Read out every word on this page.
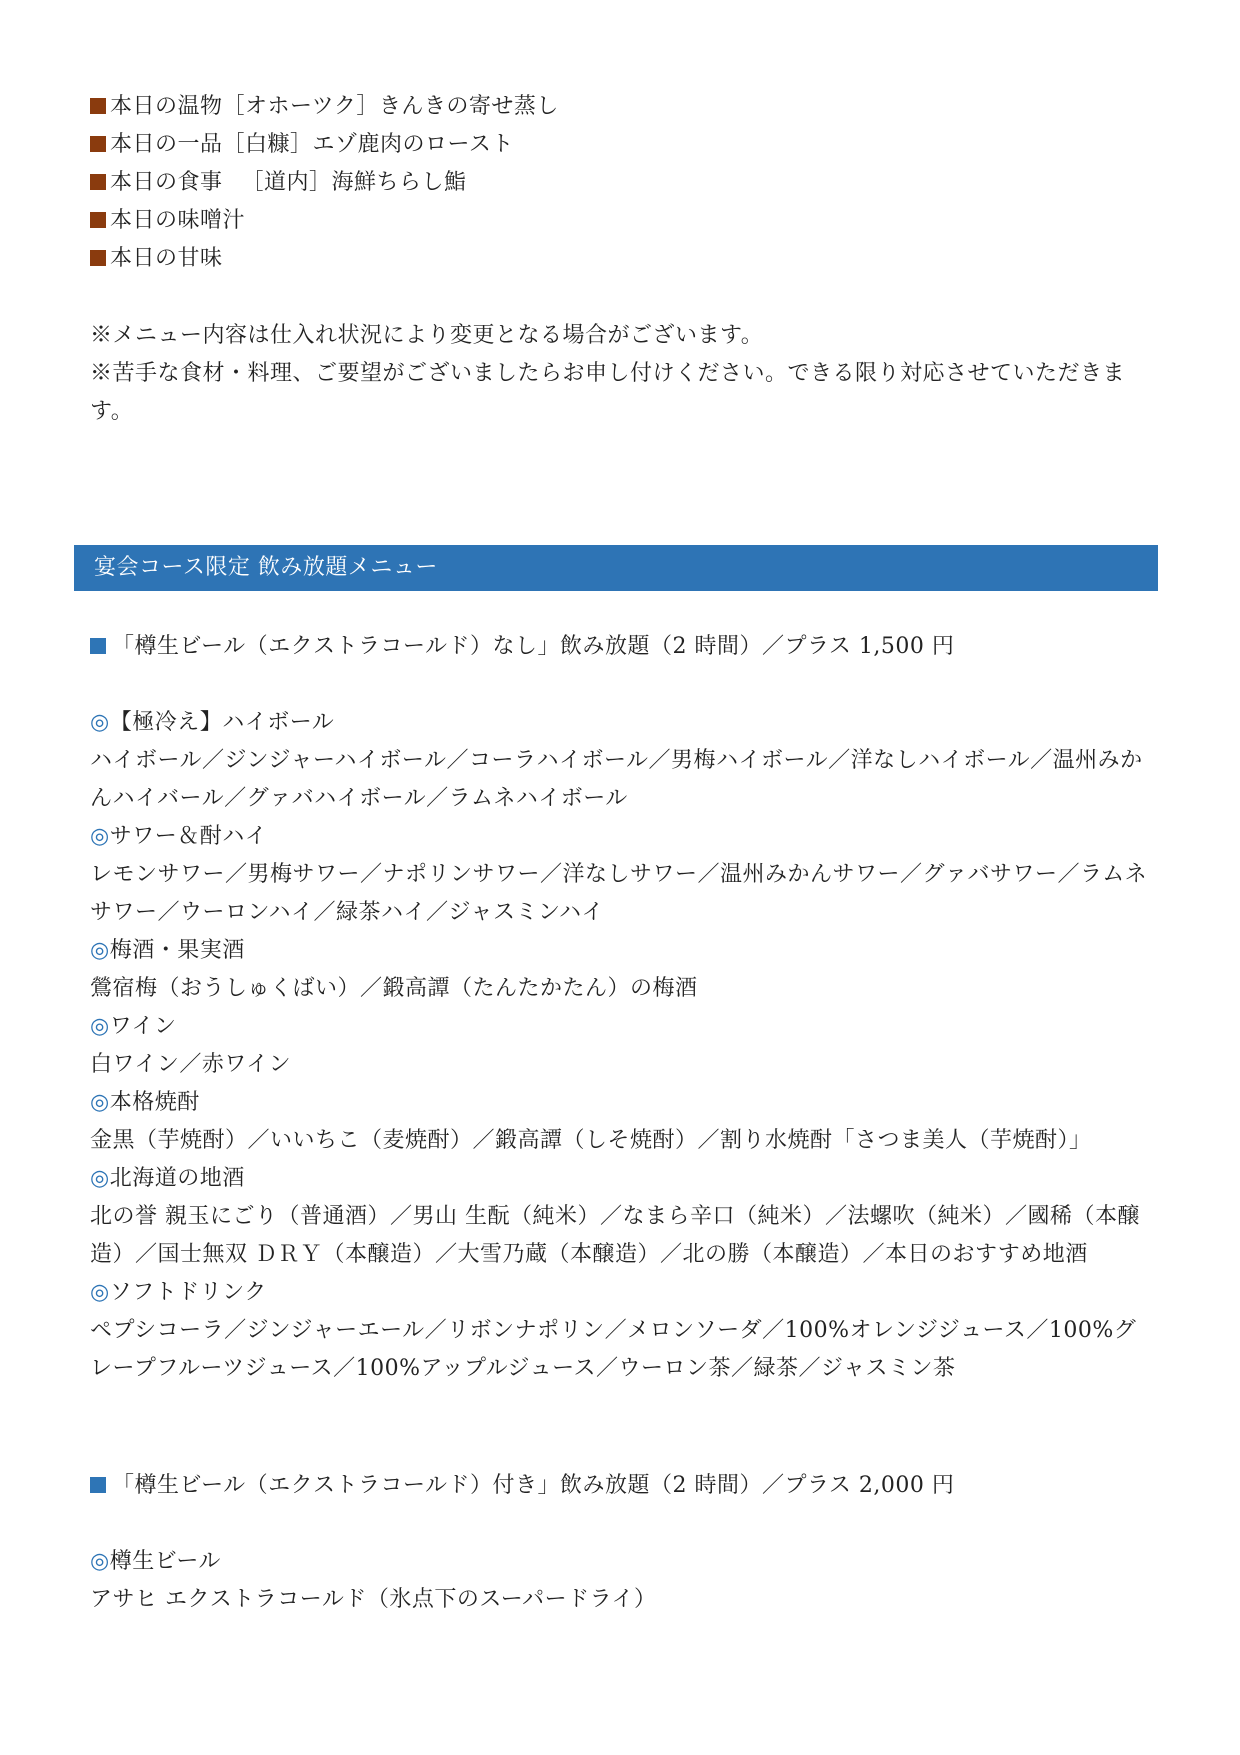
本日の温物［オホーツク］きんきの寄せ蒸し
本日の一品［白糠］エゾ鹿肉のロースト
本日の食事 　［道内］海鮮ちらし鮨
本日の味噌汁
本日の甘味
※メニュー内容は仕入れ状況により変更となる場合がございます。
※苦手な食材・料理、ご要望がございましたらお申し付けください。できる限り対応させていただきます。
宴会コース限定 飲み放題メニュー
「樽生ビール（エクストラコールド）なし」飲み放題（2 時間）／プラス 1,500 円
◎【極冷え】ハイボール
ハイボール／ジンジャーハイボール／コーラハイボール／男梅ハイボール／洋なしハイボール／温州みかんハイバール／グァバハイボール／ラムネハイボール
◎サワー＆酎ハイ
レモンサワー／男梅サワー／ナポリンサワー／洋なしサワー／温州みかんサワー／グァバサワー／ラムネサワー／ウーロンハイ／緑茶ハイ／ジャスミンハイ
◎梅酒・果実酒
鶯宿梅（おうしゅくばい）／鍛高譚（たんたかたん）の梅酒
◎ワイン
白ワイン／赤ワイン
◎本格焼酎
金黒（芋焼酎）／いいちこ（麦焼酎）／鍛高譚（しそ焼酎）／割り水焼酎「さつま美人（芋焼酎）」
◎北海道の地酒
北の誉 親玉にごり（普通酒）／男山 生酛（純米）／なまら辛口（純米）／法螺吹（純米）／國稀（本醸造）／国士無双 ＤＲＹ（本醸造）／大雪乃蔵（本醸造）／北の勝（本醸造）／本日のおすすめ地酒
◎ソフトドリンク
ペプシコーラ／ジンジャーエール／リボンナポリン／メロンソーダ／100%オレンジジュース／100%グレープフルーツジュース／100%アップルジュース／ウーロン茶／緑茶／ジャスミン茶
「樽生ビール（エクストラコールド）付き」飲み放題（2 時間）／プラス 2,000 円
◎樽生ビール
アサヒ エクストラコールド（氷点下のスーパードライ）
